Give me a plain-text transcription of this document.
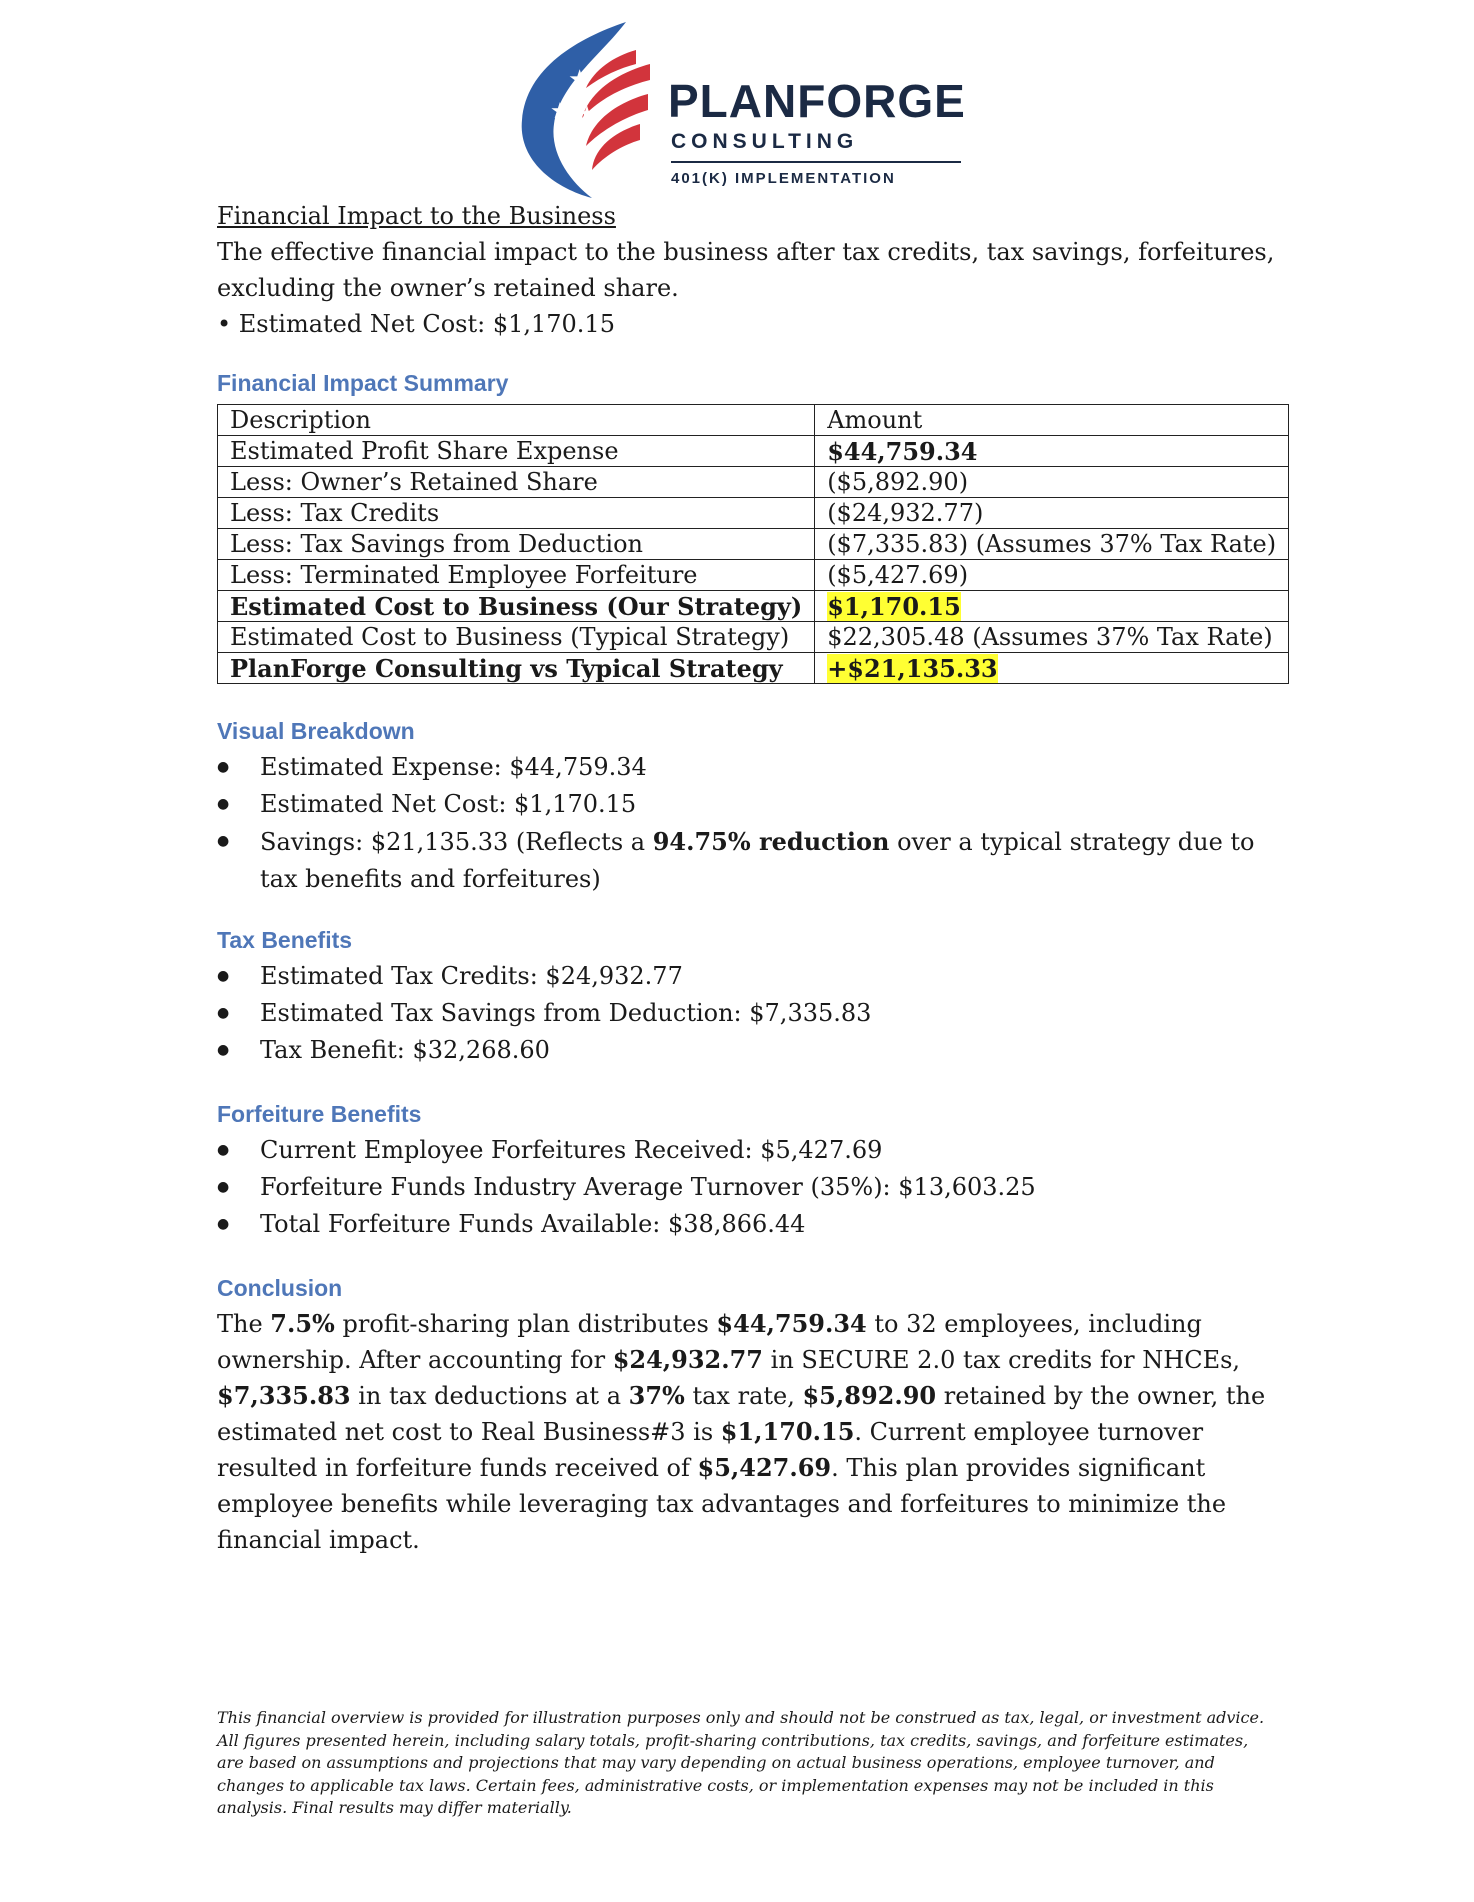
★
★ ★ PLANFORGE
CONSULTING
401(K) IMPLEMENTATION
Financial Impact to the Business
The effective financial impact to the business after tax credits, tax savings, forfeitures, excluding the owner’s retained share.
• Estimated Net Cost: $1,170.15
Financial Impact Summary
Description	Amount
Estimated Profit Share Expense	$44,759.34
Less: Owner’s Retained Share	($5,892.90)
Less: Tax Credits	($24,932.77)
Less: Tax Savings from Deduction	($7,335.83) (Assumes 37% Tax Rate)
Less: Terminated Employee Forfeiture	($5,427.69)
Estimated Cost to Business (Our Strategy)	$1,170.15
Estimated Cost to Business (Typical Strategy)	$22,305.48 (Assumes 37% Tax Rate)
PlanForge Consulting vs Typical Strategy	+$21,135.33
Visual Breakdown
● Estimated Expense: $44,759.34
● Estimated Net Cost: $1,170.15
● Savings: $21,135.33 (Reflects a 94.75% reduction over a typical strategy due to tax benefits and forfeitures)
Tax Benefits
● Estimated Tax Credits: $24,932.77
● Estimated Tax Savings from Deduction: $7,335.83
● Tax Benefit: $32,268.60
Forfeiture Benefits
● Current Employee Forfeitures Received: $5,427.69
● Forfeiture Funds Industry Average Turnover (35%): $13,603.25
● Total Forfeiture Funds Available: $38,866.44
Conclusion
The 7.5% profit-sharing plan distributes $44,759.34 to 32 employees, including ownership. After accounting for $24,932.77 in SECURE 2.0 tax credits for NHCEs, $7,335.83 in tax deductions at a 37% tax rate, $5,892.90 retained by the owner, the estimated net cost to Real Business#3 is $1,170.15. Current employee turnover resulted in forfeiture funds received of $5,427.69. This plan provides significant employee benefits while leveraging tax advantages and forfeitures to minimize the financial impact.
This financial overview is provided for illustration purposes only and should not be construed as tax, legal, or investment advice. All figures presented herein, including salary totals, profit-sharing contributions, tax credits, savings, and forfeiture estimates, are based on assumptions and projections that may vary depending on actual business operations, employee turnover, and changes to applicable tax laws. Certain fees, administrative costs, or implementation expenses may not be included in this analysis. Final results may differ materially.
